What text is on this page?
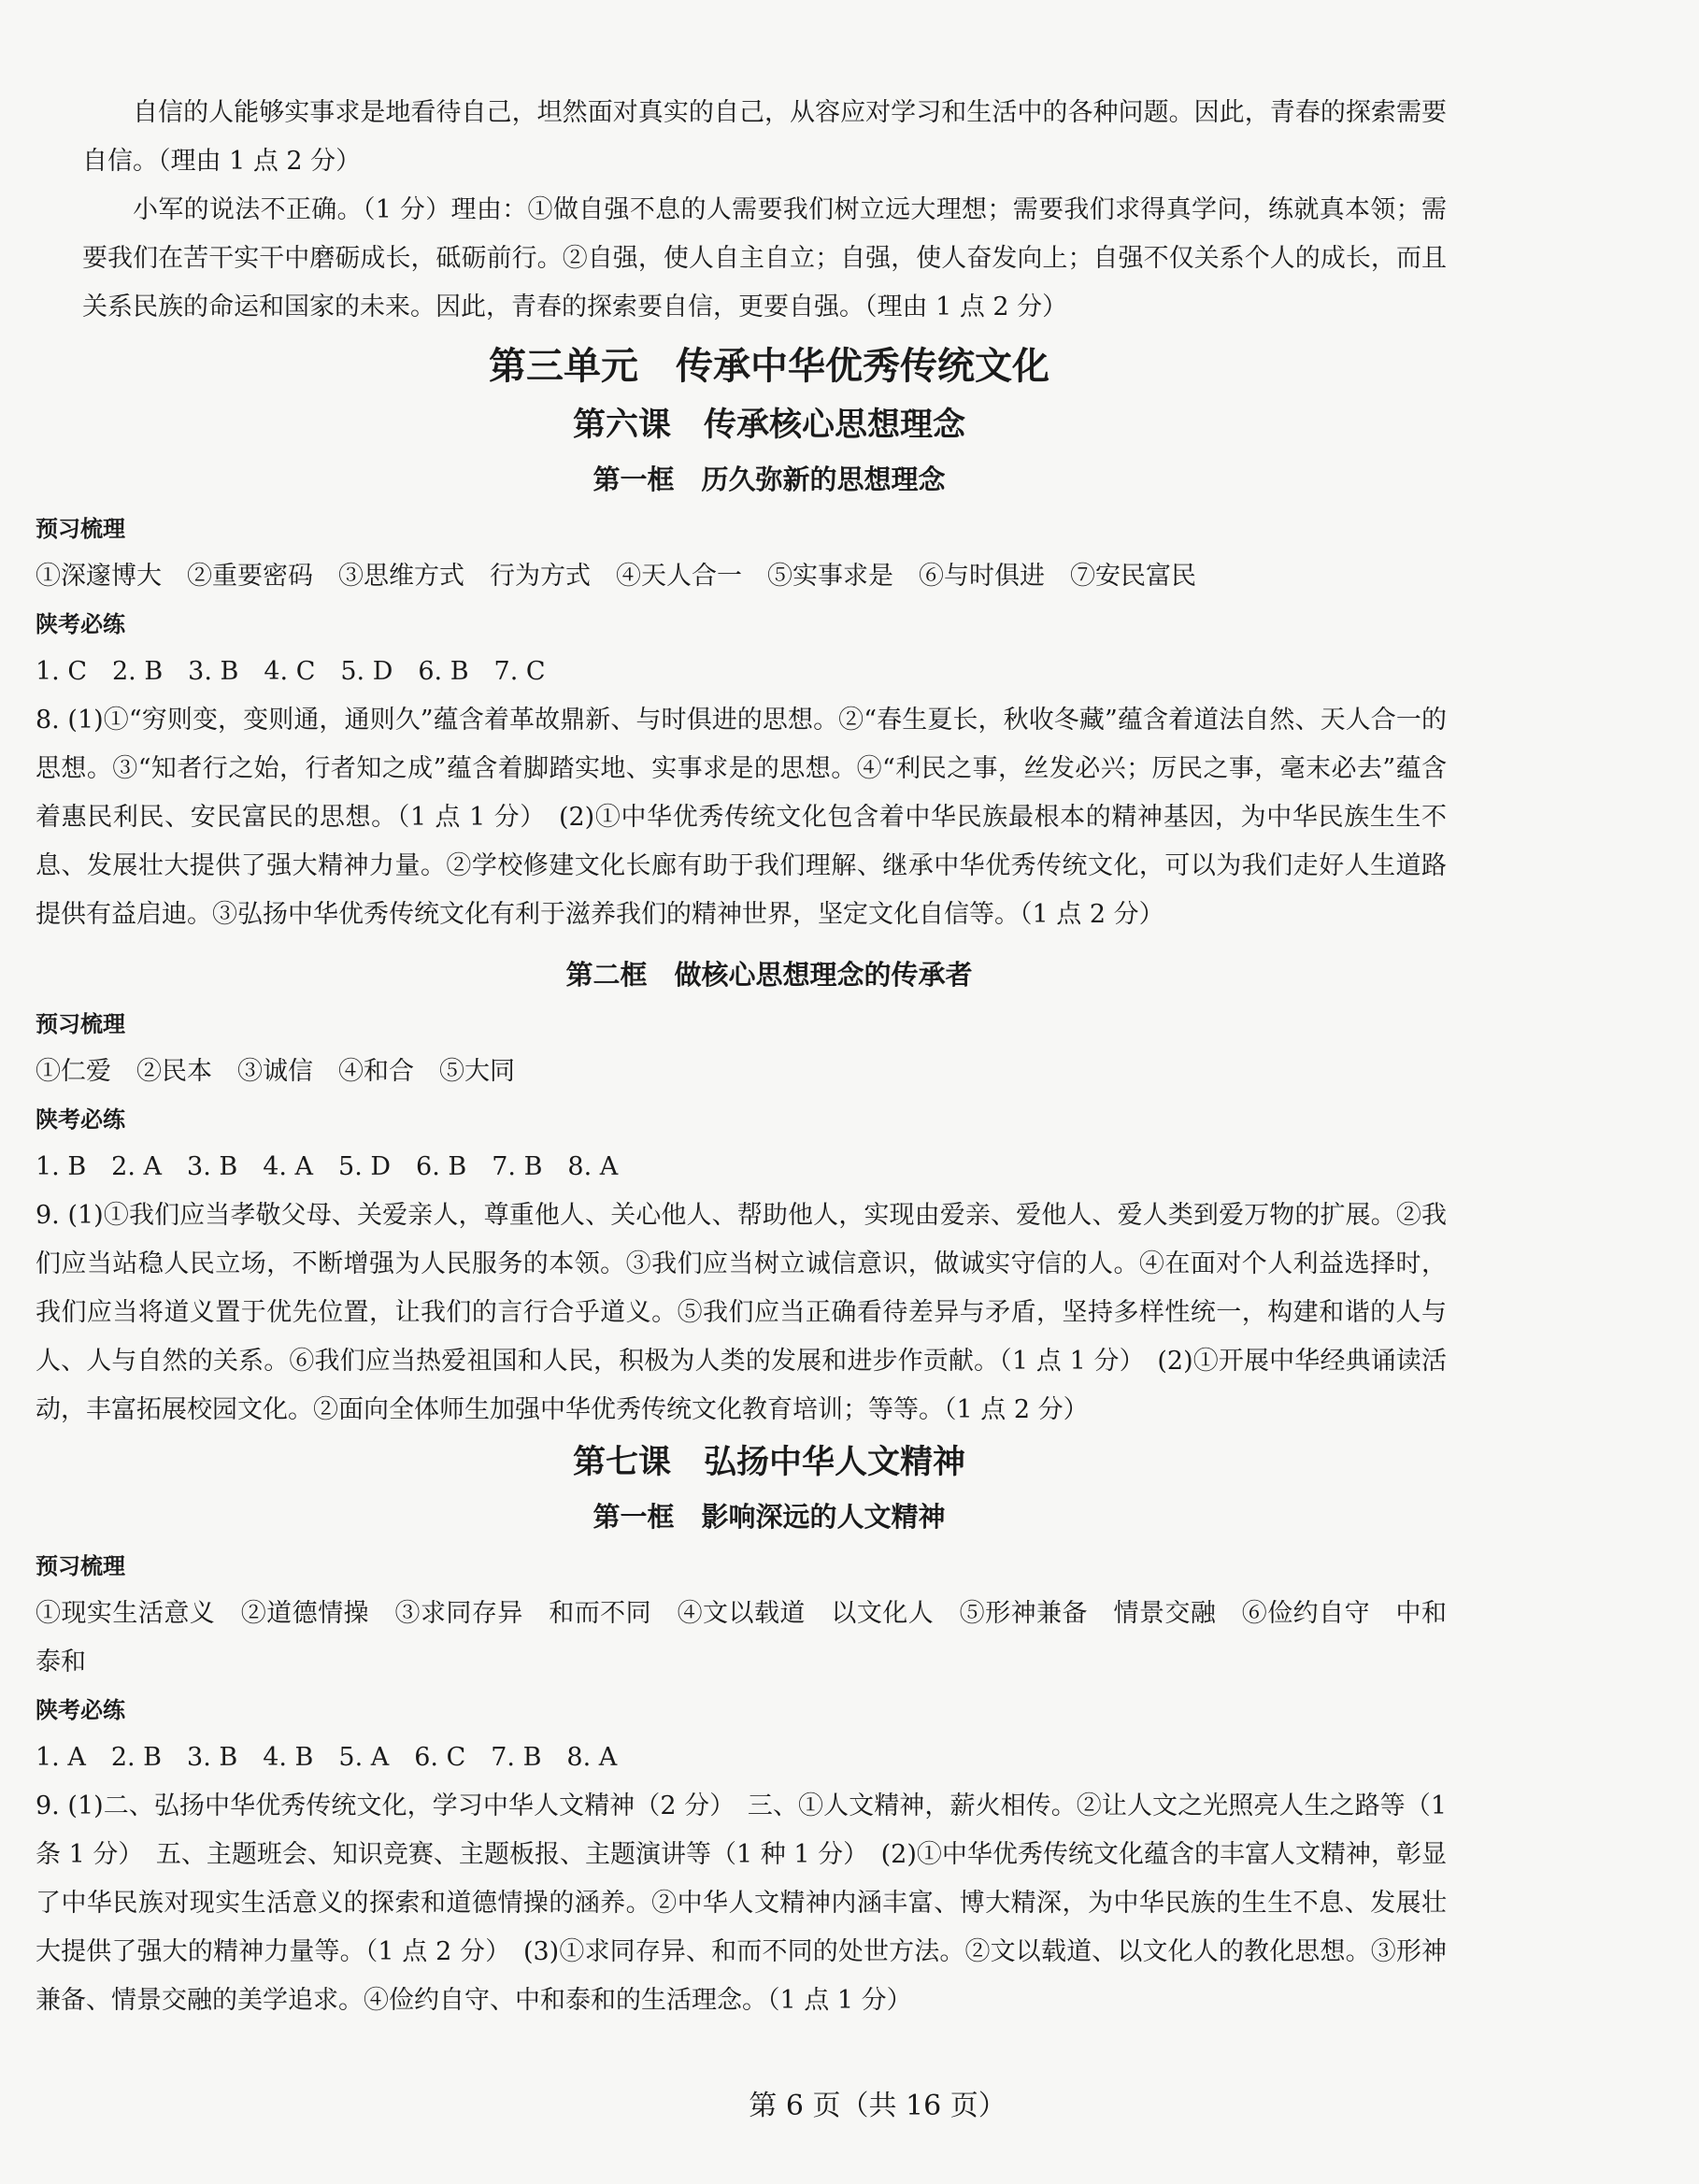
自信的人能够实事求是地看待自己，坦然面对真实的自己，从容应对学习和生活中的各种问题。因此，青春的探索需要自信。（理由 1 点 2 分）

小军的说法不正确。（1 分）理由：①做自强不息的人需要我们树立远大理想；需要我们求得真学问，练就真本领；需要我们在苦干实干中磨砺成长，砥砺前行。②自强，使人自主自立；自强，使人奋发向上；自强不仅关系个人的成长，而且关系民族的命运和国家的未来。因此，青春的探索要自信，更要自强。（理由 1 点 2 分）

第三单元　传承中华优秀传统文化
第六课　传承核心思想理念
第一框　历久弥新的思想理念
预习梳理
①深邃博大　②重要密码　③思维方式　行为方式　④天人合一　⑤实事求是　⑥与时俱进　⑦安民富民
陕考必练
1. C　2. B　3. B　4. C　5. D　6. B　7. C

8. (1)①“穷则变，变则通，通则久”蕴含着革故鼎新、与时俱进的思想。②“春生夏长，秋收冬藏”蕴含着道法自然、天人合一的思想。③“知者行之始，行者知之成”蕴含着脚踏实地、实事求是的思想。④“利民之事，丝发必兴；厉民之事，毫末必去”蕴含着惠民利民、安民富民的思想。（1 点 1 分）　(2)①中华优秀传统文化包含着中华民族最根本的精神基因，为中华民族生生不息、发展壮大提供了强大精神力量。②学校修建文化长廊有助于我们理解、继承中华优秀传统文化，可以为我们走好人生道路提供有益启迪。③弘扬中华优秀传统文化有利于滋养我们的精神世界，坚定文化自信等。（1 点 2 分）

第二框　做核心思想理念的传承者
预习梳理
①仁爱　②民本　③诚信　④和合　⑤大同
陕考必练
1. B　2. A　3. B　4. A　5. D　6. B　7. B　8. A

9. (1)①我们应当孝敬父母、关爱亲人，尊重他人、关心他人、帮助他人，实现由爱亲、爱他人、爱人类到爱万物的扩展。②我们应当站稳人民立场，不断增强为人民服务的本领。③我们应当树立诚信意识，做诚实守信的人。④在面对个人利益选择时，我们应当将道义置于优先位置，让我们的言行合乎道义。⑤我们应当正确看待差异与矛盾，坚持多样性统一，构建和谐的人与人、人与自然的关系。⑥我们应当热爱祖国和人民，积极为人类的发展和进步作贡献。（1 点 1 分）　(2)①开展中华经典诵读活动，丰富拓展校园文化。②面向全体师生加强中华优秀传统文化教育培训；等等。（1 点 2 分）

第七课　弘扬中华人文精神
第一框　影响深远的人文精神
预习梳理

①现实生活意义　②道德情操　③求同存异　和而不同　④文以载道　以文化人　⑤形神兼备　情景交融　⑥俭约自守　中和泰和

陕考必练
1. A　2. B　3. B　4. B　5. A　6. C　7. B　8. A

9. (1)二、弘扬中华优秀传统文化，学习中华人文精神（2 分）　三、①人文精神，薪火相传。②让人文之光照亮人生之路等（1 条 1 分）　五、主题班会、知识竞赛、主题板报、主题演讲等（1 种 1 分）　(2)①中华优秀传统文化蕴含的丰富人文精神，彰显了中华民族对现实生活意义的探索和道德情操的涵养。②中华人文精神内涵丰富、博大精深，为中华民族的生生不息、发展壮大提供了强大的精神力量等。（1 点 2 分）　(3)①求同存异、和而不同的处世方法。②文以载道、以文化人的教化思想。③形神兼备、情景交融的美学追求。④俭约自守、中和泰和的生活理念。（1 点 1 分）

第 6 页（共 16 页）
